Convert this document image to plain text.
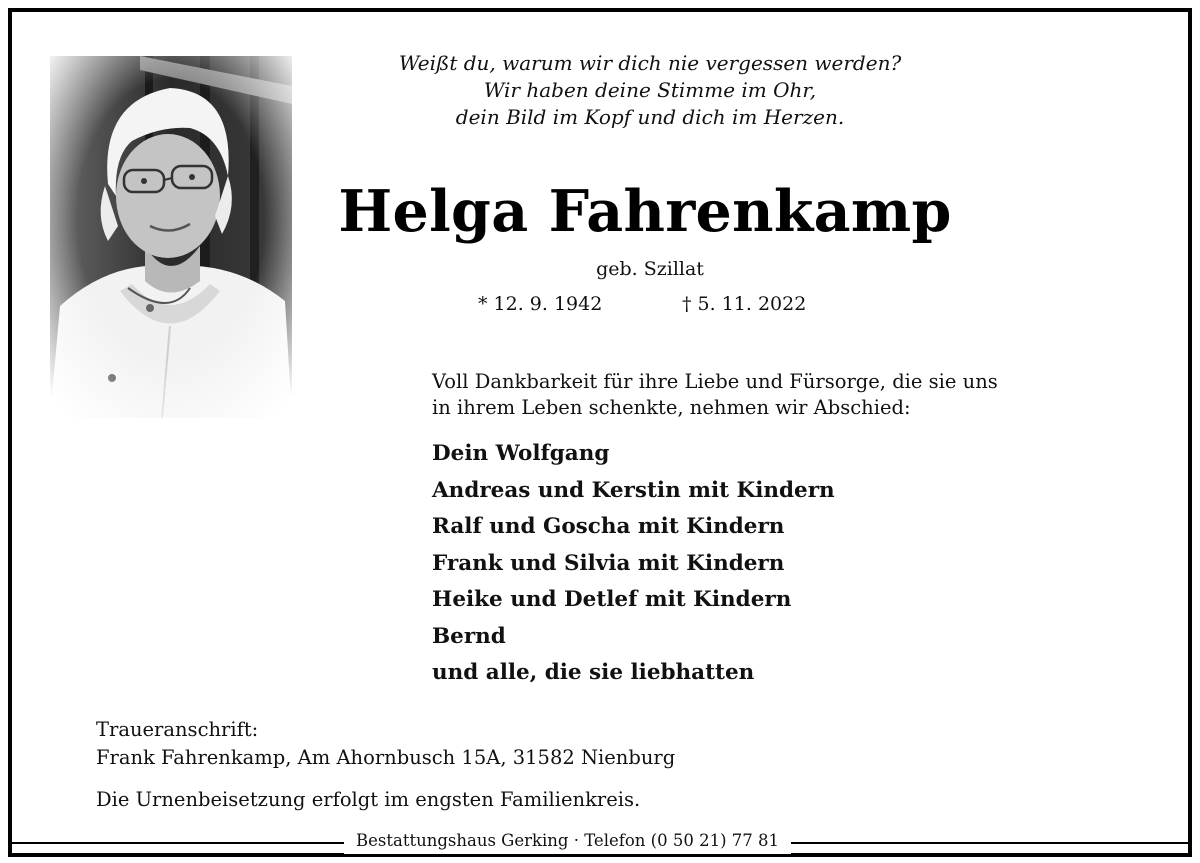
Weißt du, warum wir dich nie vergessen werden?
Wir haben deine Stimme im Ohr,
dein Bild im Kopf und dich im Herzen.
Helga Fahrenkamp
geb. Szillat
* 12. 9. 1942	† 5. 11. 2022
Voll Dankbarkeit für ihre Liebe und Fürsorge, die sie uns
in ihrem Leben schenkte, nehmen wir Abschied:
Dein Wolfgang
Andreas und Kerstin mit Kindern
Ralf und Goscha mit Kindern
Frank und Silvia mit Kindern
Heike und Detlef mit Kindern
Bernd
und alle, die sie liebhatten
Traueranschrift:
Frank Fahrenkamp, Am Ahornbusch 15A, 31582 Nienburg
Die Urnenbeisetzung erfolgt im engsten Familienkreis.
Bestattungshaus Gerking · Telefon (0 50 21) 77 81
